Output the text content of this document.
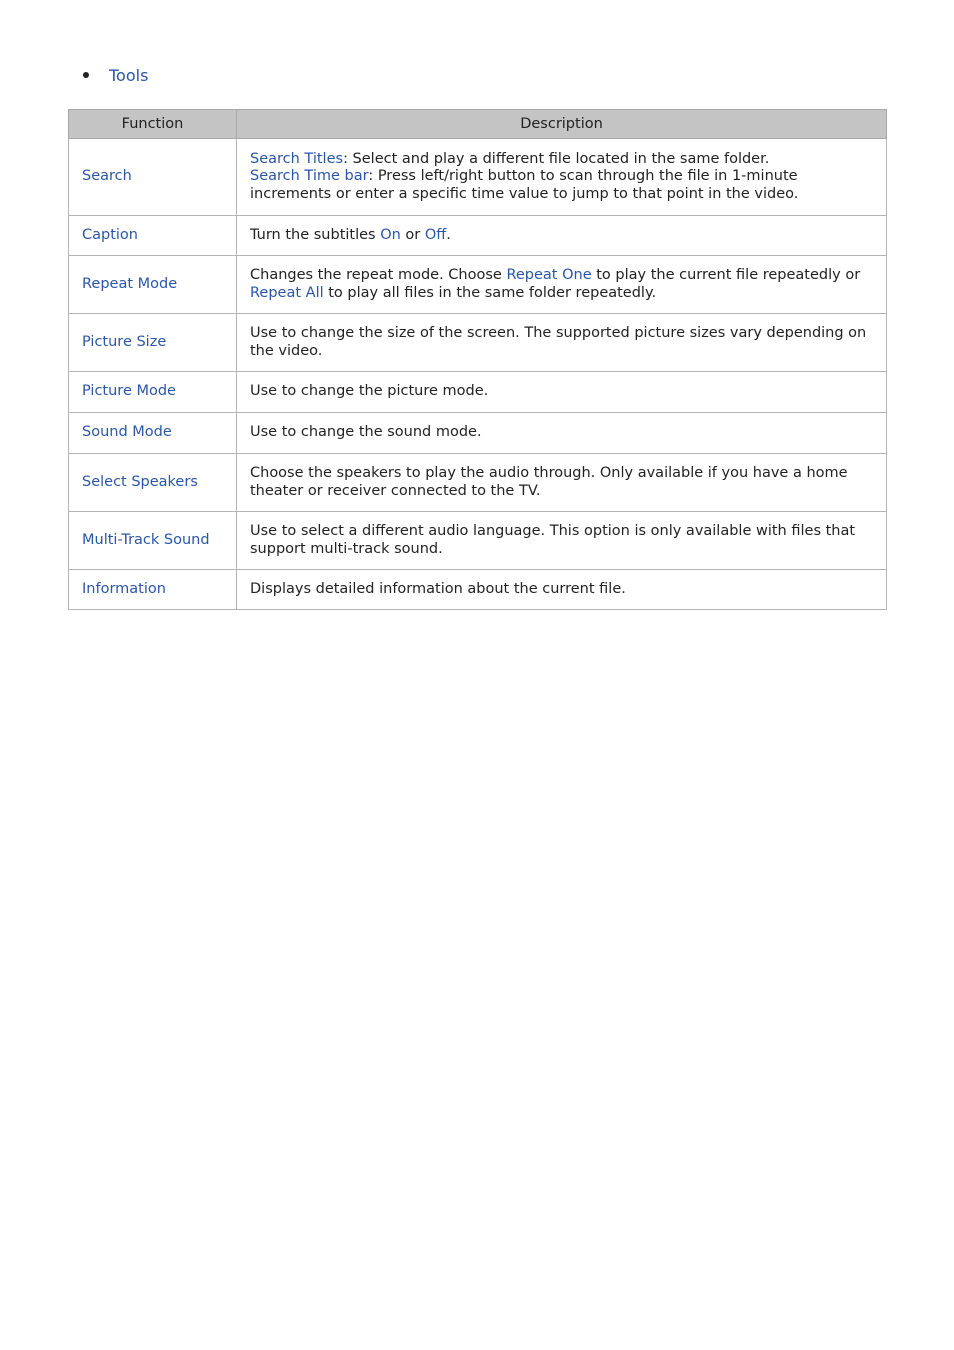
Tools
Function	Description
Search	Search Titles: Select and play a different file located in the same folder.
Search Time bar: Press left/right button to scan through the file in 1-minute increments or enter a specific time value to jump to that point in the video.
Caption	Turn the subtitles On or Off.
Repeat Mode	Changes the repeat mode. Choose Repeat One to play the current file repeatedly or Repeat All to play all files in the same folder repeatedly.
Picture Size	Use to change the size of the screen. The supported picture sizes vary depending on the video.
Picture Mode	Use to change the picture mode.
Sound Mode	Use to change the sound mode.
Select Speakers	Choose the speakers to play the audio through. Only available if you have a home theater or receiver connected to the TV.
Multi-Track Sound	Use to select a different audio language. This option is only available with files that support multi-track sound.
Information	Displays detailed information about the current file.
